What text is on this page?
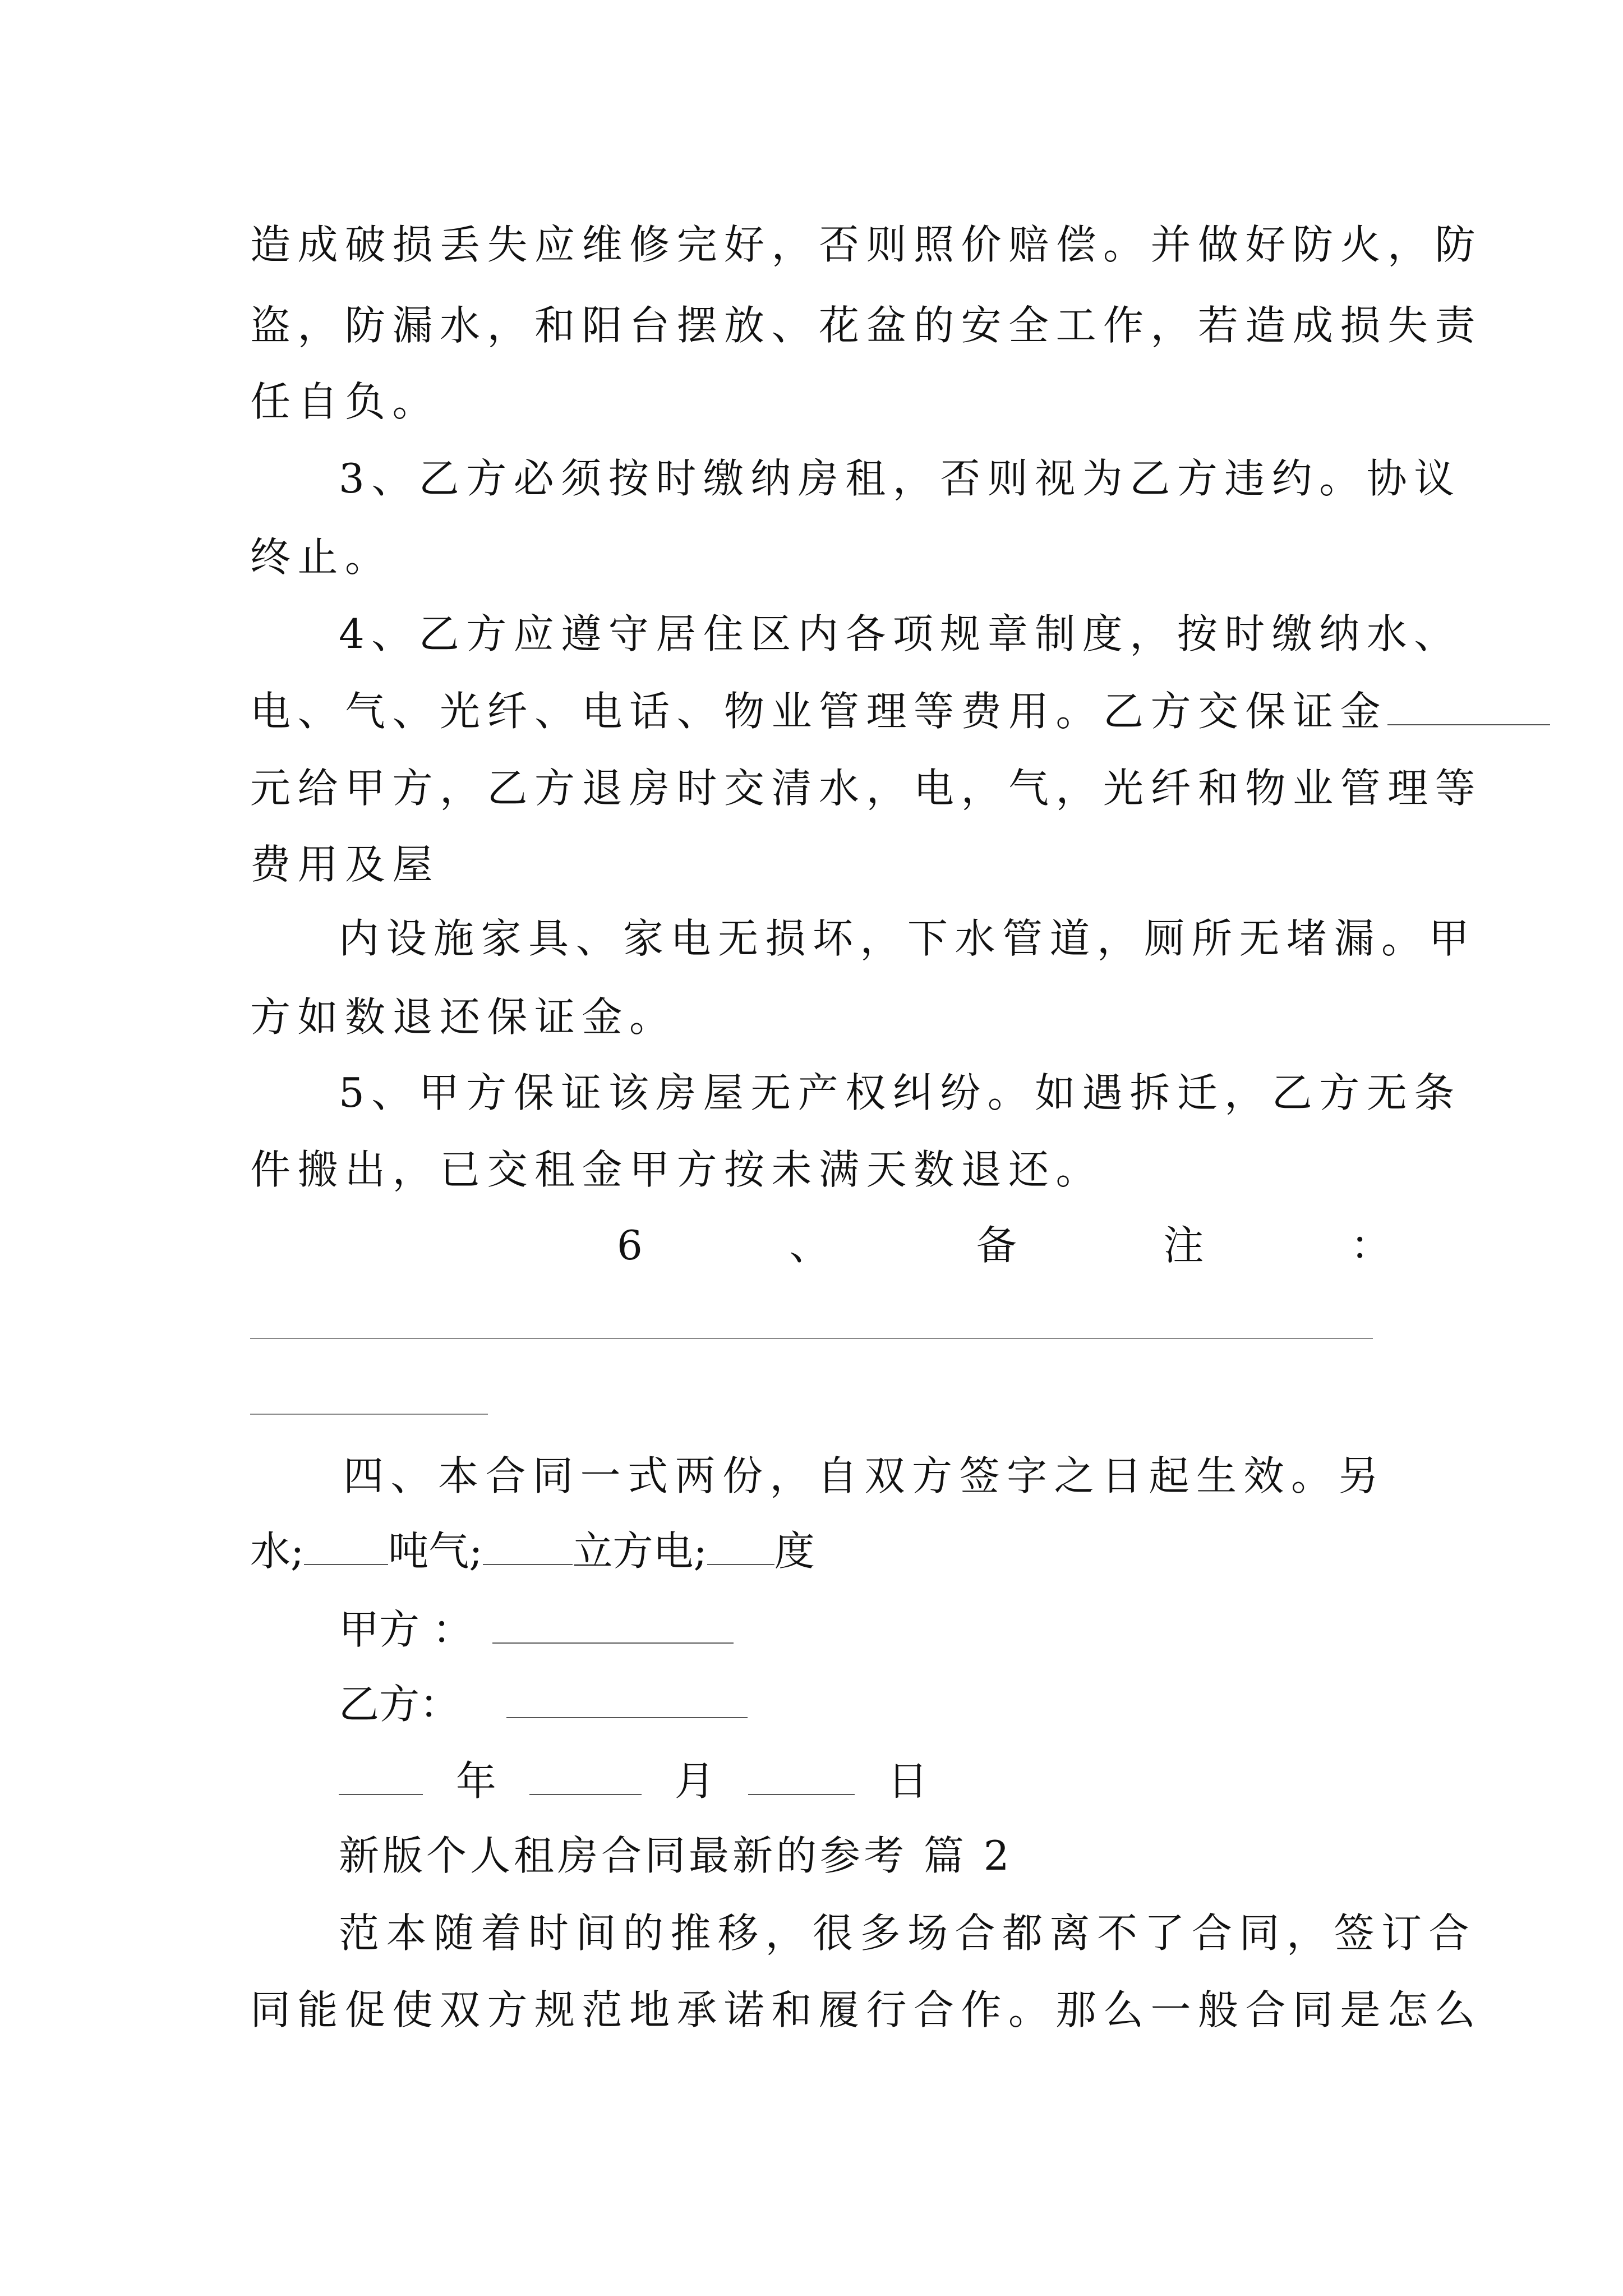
造成破损丢失应维修完好，否则照价赔偿。并做好防火，防
盗，防漏水，和阳台摆放、花盆的安全工作，若造成损失责
任自负。
3、乙方必须按时缴纳房租，否则视为乙方违约。协议
终止。
4、乙方应遵守居住区内各项规章制度，按时缴纳水、
电、气、光纤、电话、物业管理等费用。乙方交保证金
元给甲方，乙方退房时交清水，电，气，光纤和物业管理等
费用及屋
内设施家具、家电无损坏，下水管道，厕所无堵漏。甲
方如数退还保证金。
5、甲方保证该房屋无产权纠纷。如遇拆迁，乙方无条
件搬出，已交租金甲方按未满天数退还。
6	、	备	注	：
四、本合同一式两份，自双方签字之日起生效。另
水; 吨气; 立方电; 度
甲方 ：
乙方：
年	月	日
新版个人租房合同最新的参考 篇 2
范本随着时间的推移，很多场合都离不了合同，签订合
同能促使双方规范地承诺和履行合作。那么一般合同是怎么
